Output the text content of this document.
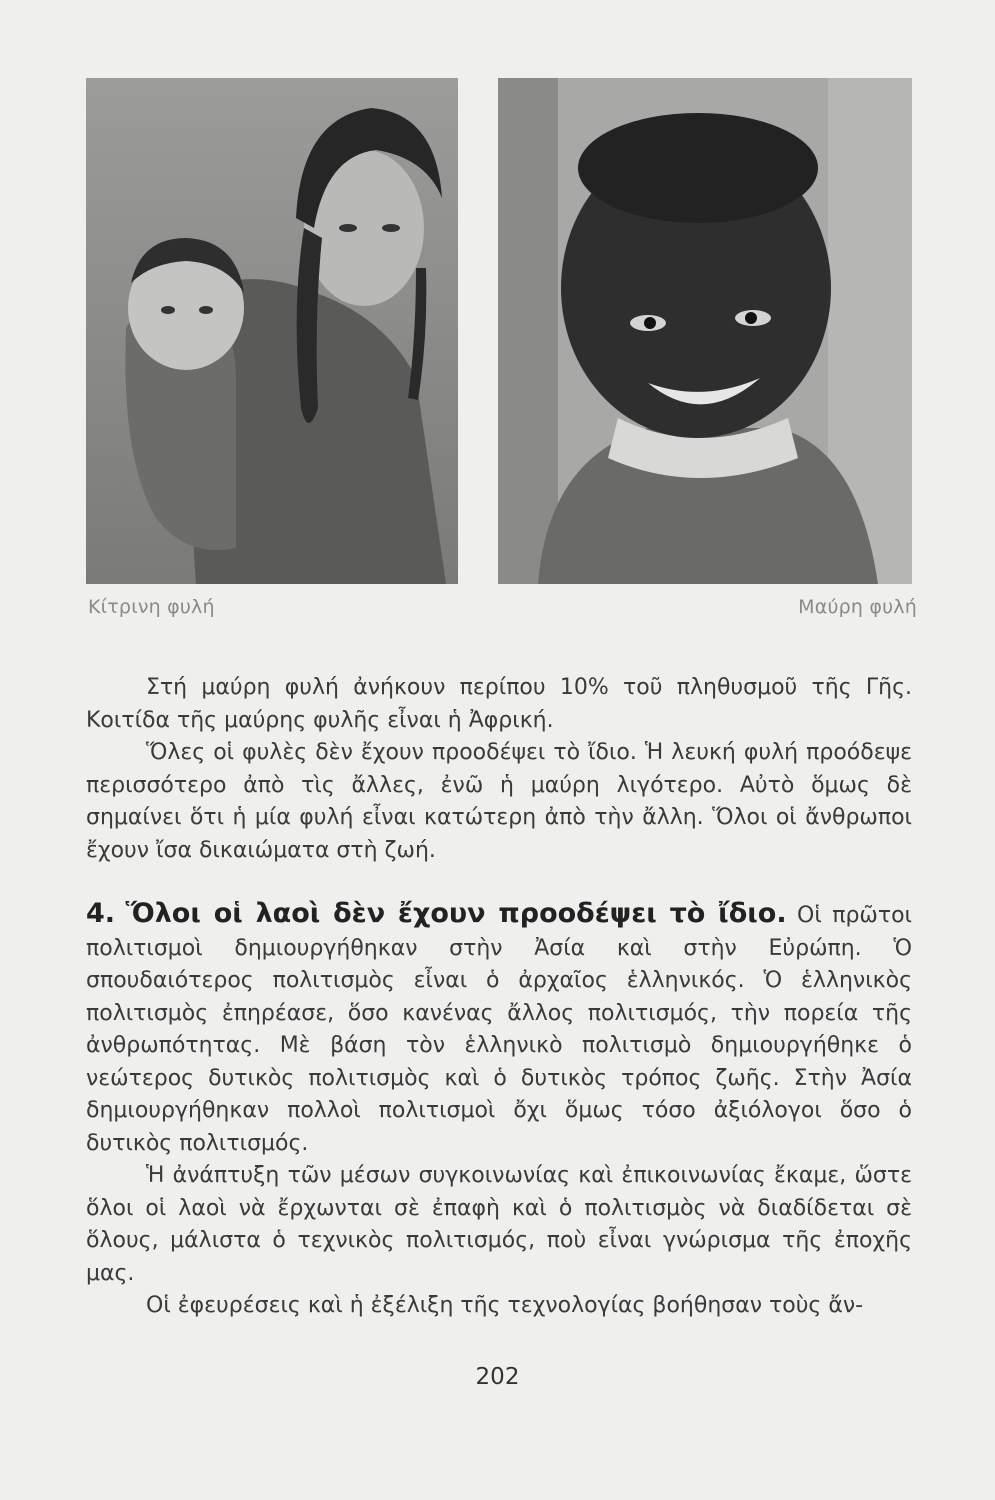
Κίτρινη φυλή	Μαύρη φυλή

Στή μαύρη φυλή ἀνήκουν περίπου 10% τοῦ πληθυσμοῦ τῆς Γῆς. Κοιτίδα τῆς μαύρης φυλῆς εἶναι ἡ Ἀφρική.

Ὅλες οἱ φυλὲς δὲν ἔχουν προοδέψει τὸ ἴδιο. Ἡ λευκή φυλή προόδεψε περισσότερο ἀπὸ τὶς ἄλλες, ἐνῶ ἡ μαύρη λιγότερο. Αὐτὸ ὅμως δὲ σημαίνει ὅτι ἡ μία φυλή εἶναι κατώτερη ἀπὸ τὴν ἄλλη. Ὅλοι οἱ ἄνθρωποι ἔχουν ἴσα δικαιώματα στὴ ζωή.

4. Ὅλοι οἱ λαοὶ δὲν ἔχουν προοδέψει τὸ ἴδιο. Οἱ πρῶτοι πολιτισμοὶ δημιουργήθηκαν στὴν Ἀσία καὶ στὴν Εὐρώπη. Ὁ σπουδαιότερος πολιτισμὸς εἶναι ὁ ἀρχαῖος ἑλληνικός. Ὁ ἑλληνικὸς πολιτισμὸς ἐπηρέασε, ὅσο κανένας ἄλλος πολιτισμός, τὴν πορεία τῆς ἀνθρωπότητας. Μὲ βάση τὸν ἑλληνικὸ πολιτισμὸ δημιουργήθηκε ὁ νεώτερος δυτικὸς πολιτισμὸς καὶ ὁ δυτικὸς τρόπος ζωῆς. Στὴν Ἀσία δημιουργήθηκαν πολλοὶ πολιτισμοὶ ὄχι ὅμως τόσο ἀξιόλογοι ὅσο ὁ δυτικὸς πολιτισμός.

Ἡ ἀνάπτυξη τῶν μέσων συγκοινωνίας καὶ ἐπικοινωνίας ἔκαμε, ὥστε ὅλοι οἱ λαοὶ νὰ ἔρχωνται σὲ ἐπαφὴ καὶ ὁ πολιτισμὸς νὰ διαδίδεται σὲ ὅλους, μάλιστα ὁ τεχνικὸς πολιτισμός, ποὺ εἶναι γνώρισμα τῆς ἐποχῆς μας.

Οἱ ἐφευρέσεις καὶ ἡ ἐξέλιξη τῆς τεχνολογίας βοήθησαν τοὺς ἄν-

202
